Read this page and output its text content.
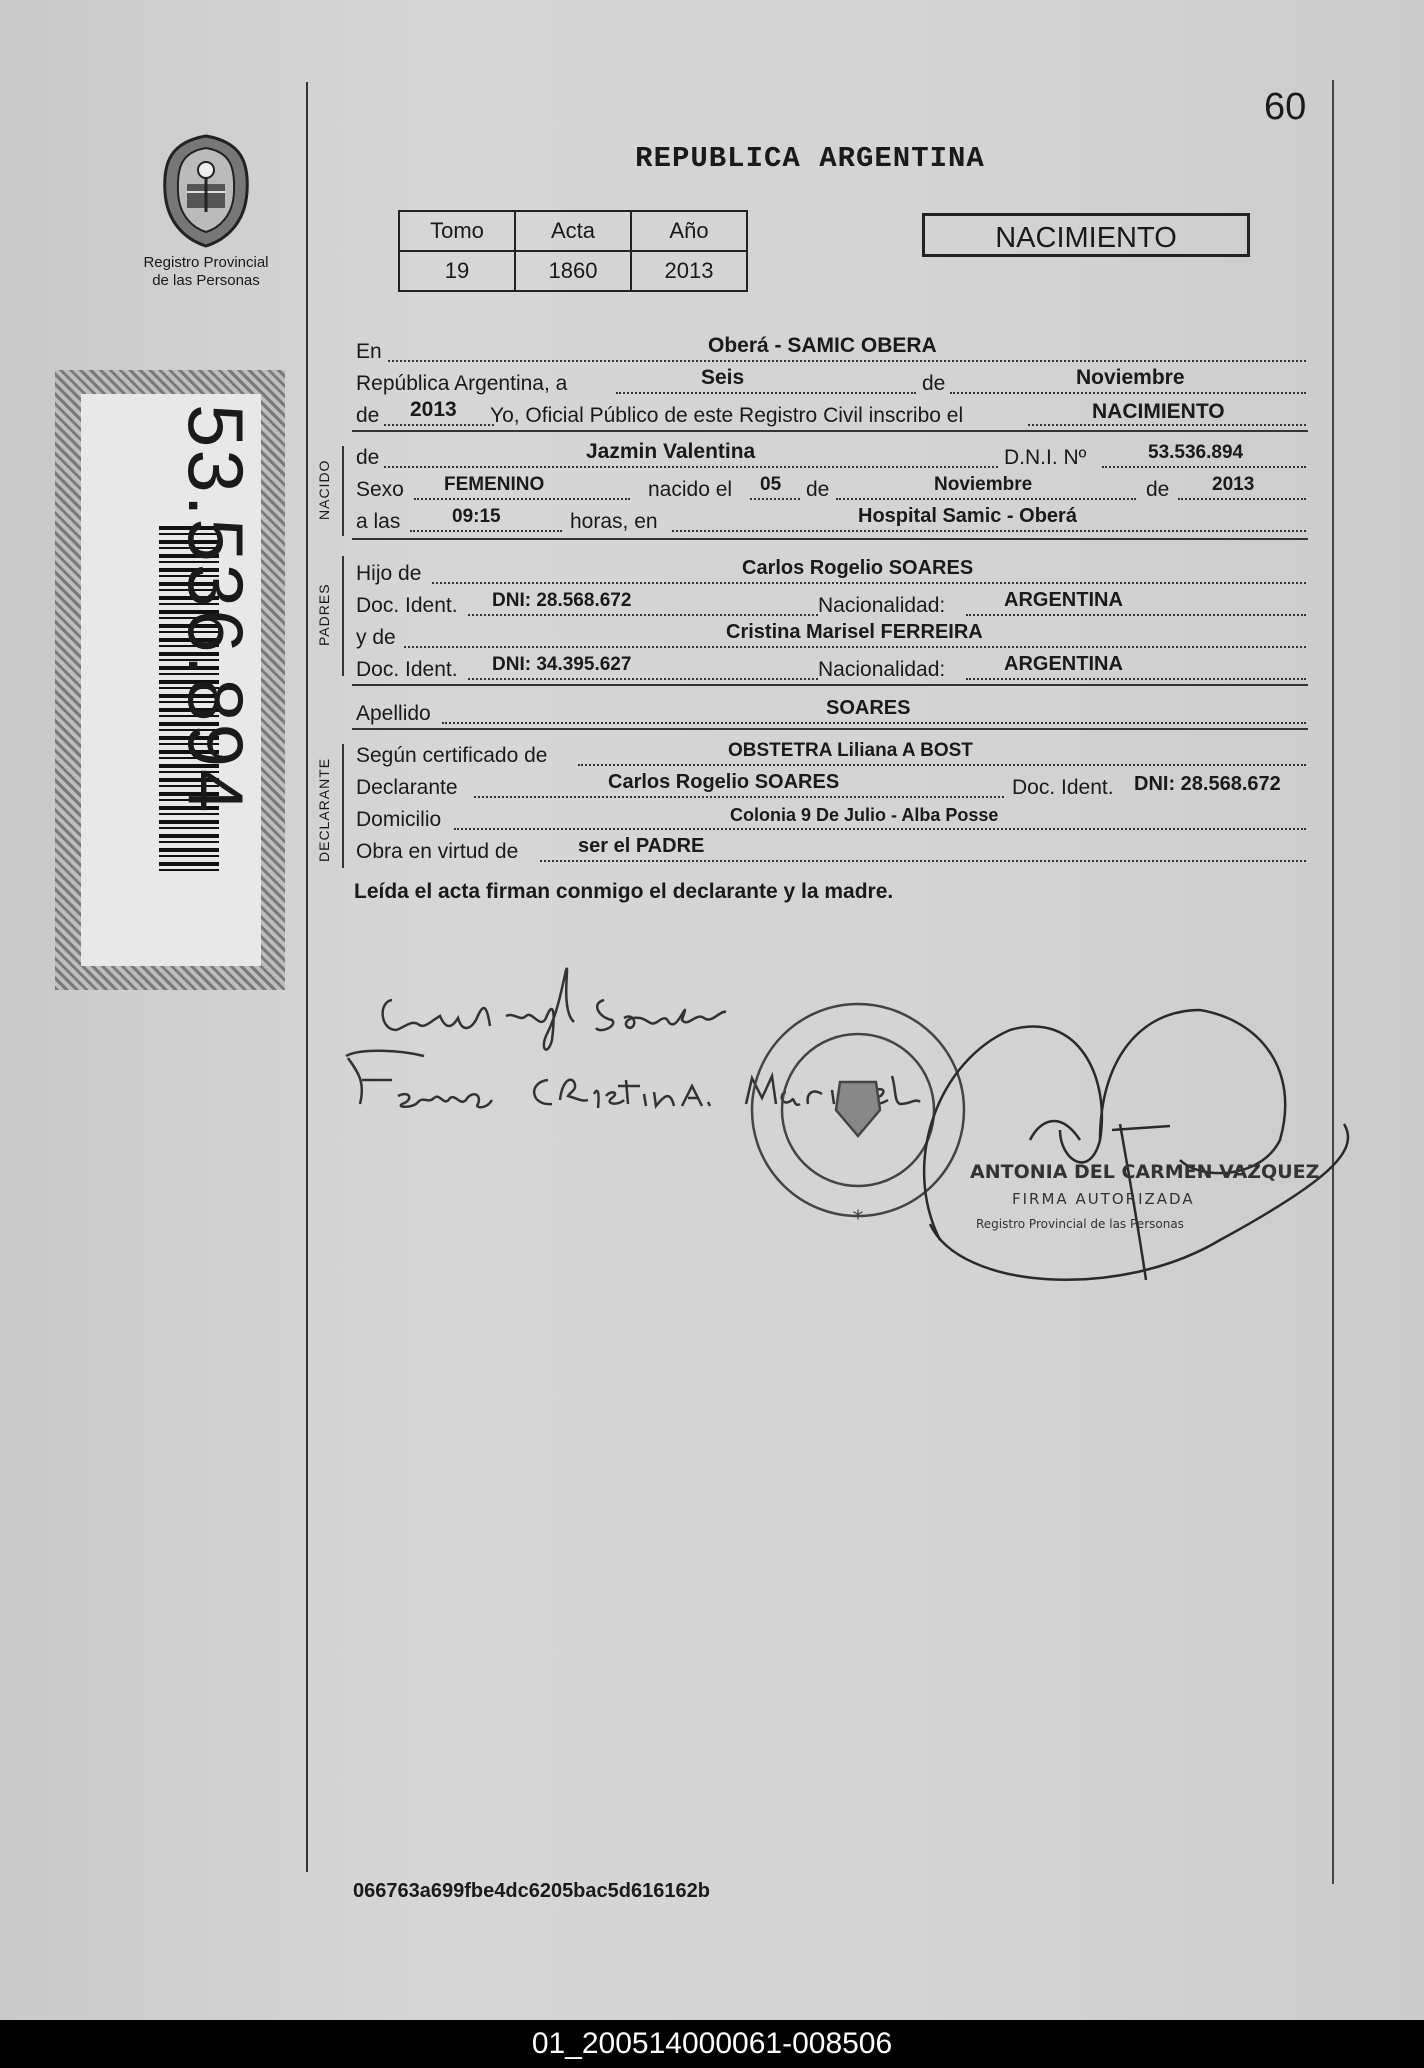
60
Registro Provincial
de las Personas
REPUBLICA ARGENTINA
Tomo	Acta	Año
19	1860	2013
NACIMIENTO
53.536.894
En	Oberá - SAMIC OBERA
República Argentina, a	Seis	de	Noviembre
de 2013 Yo, Oficial Público de este Registro Civil inscribo el	NACIMIENTO
NACIDO
de	Jazmin Valentina	D.N.I. Nº	53.536.894
Sexo FEMENINO	nacido el 05 de	Noviembre	de 2013
a las	09:15	horas, en	Hospital Samic - Oberá
PADRES
Hijo de	Carlos Rogelio SOARES
Doc. Ident. DNI: 28.568.672	Nacionalidad:	ARGENTINA
y de	Cristina Marisel FERREIRA
Doc. Ident. DNI: 34.395.627	Nacionalidad:	ARGENTINA
Apellido	SOARES
DECLARANTE
Según certificado de	OBSTETRA Liliana A BOST
Declarante	Carlos Rogelio SOARES	Doc. Ident. DNI: 28.568.672
Domicilio	Colonia 9 De Julio - Alba Posse
Obra en virtud de	ser el PADRE
Leída el acta firman conmigo el declarante y la madre.
*
ANTONIA DEL CARMEN VAZQUEZ
FIRMA AUTORIZADA
Registro Provincial de las Personas
066763a699fbe4dc6205bac5d616162b
01_200514000061-008506
